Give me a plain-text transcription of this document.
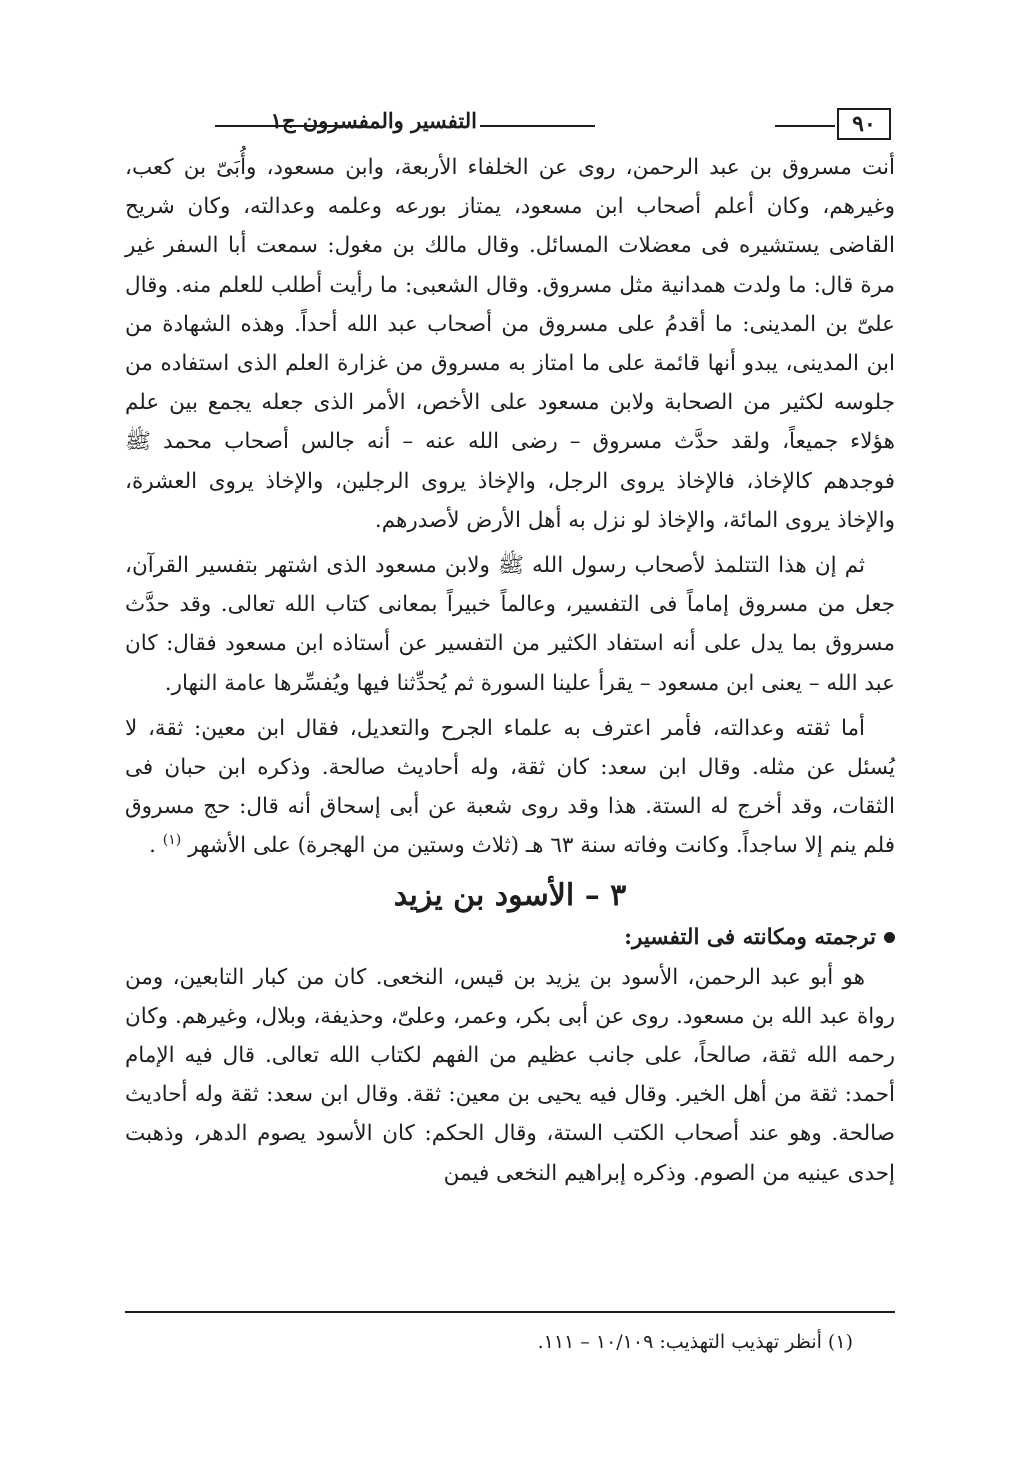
٩٠
التفسير والمفسرون ج١

أنت مسروق بن عبد الرحمن، روى عن الخلفاء الأربعة، وابن مسعود، وأُبَىّ بن كعب، وغيرهم، وكان أعلم أصحاب ابن مسعود، يمتاز بورعه وعلمه وعدالته، وكان شريح القاضى يستشيره فى معضلات المسائل. وقال مالك بن مغول: سمعت أبا السفر غير مرة قال: ما ولدت همدانية مثل مسروق. وقال الشعبى: ما رأيت أطلب للعلم منه. وقال علىّ بن المدينى: ما أقدمُ على مسروق من أصحاب عبد الله أحداً. وهذه الشهادة من ابن المدينى، يبدو أنها قائمة على ما امتاز به مسروق من غزارة العلم الذى استفاده من جلوسه لكثير من الصحابة ولابن مسعود على الأخص، الأمر الذى جعله يجمع بين علم هؤلاء جميعاً، ولقد حدَّث مسروق – رضى الله عنه – أنه جالس أصحاب محمد ﷺ فوجدهم كالإخاذ، فالإخاذ يروى الرجل، والإخاذ يروى الرجلين، والإخاذ يروى العشرة، والإخاذ يروى المائة، والإخاذ لو نزل به أهل الأرض لأصدرهم.

ثم إن هذا التتلمذ لأصحاب رسول الله ﷺ ولابن مسعود الذى اشتهر بتفسير القرآن، جعل من مسروق إماماً فى التفسير، وعالماً خبيراً بمعانى كتاب الله تعالى. وقد حدَّث مسروق بما يدل على أنه استفاد الكثير من التفسير عن أستاذه ابن مسعود فقال: كان عبد الله – يعنى ابن مسعود – يقرأ علينا السورة ثم يُحدِّثنا فيها ويُفسِّرها عامة النهار.

أما ثقته وعدالته، فأمر اعترف به علماء الجرح والتعديل، فقال ابن معين: ثقة، لا يُسئل عن مثله. وقال ابن سعد: كان ثقة، وله أحاديث صالحة. وذكره ابن حبان فى الثقات، وقد أخرج له الستة. هذا وقد روى شعبة عن أبى إسحاق أنه قال: حج مسروق فلم ينم إلا ساجداً. وكانت وفاته سنة ٦٣ هـ (ثلاث وستين من الهجرة) على الأشهر $^{(١)}$ .

٣ – الأسود بن يزيد

ترجمته ومكانته فى التفسير:

هو أبو عبد الرحمن، الأسود بن يزيد بن قيس، النخعى. كان من كبار التابعين، ومن رواة عبد الله بن مسعود. روى عن أبى بكر، وعمر، وعلىّ، وحذيفة، وبلال، وغيرهم. وكان رحمه الله ثقة، صالحاً، على جانب عظيم من الفهم لكتاب الله تعالى. قال فيه الإمام أحمد: ثقة من أهل الخير. وقال فيه يحيى بن معين: ثقة. وقال ابن سعد: ثقة وله أحاديث صالحة. وهو عند أصحاب الكتب الستة، وقال الحكم: كان الأسود يصوم الدهر، وذهبت إحدى عينيه من الصوم. وذكره إبراهيم النخعى فيمن

(١) أنظر تهذيب التهذيب: ١٠/١٠٩ – ١١١.
